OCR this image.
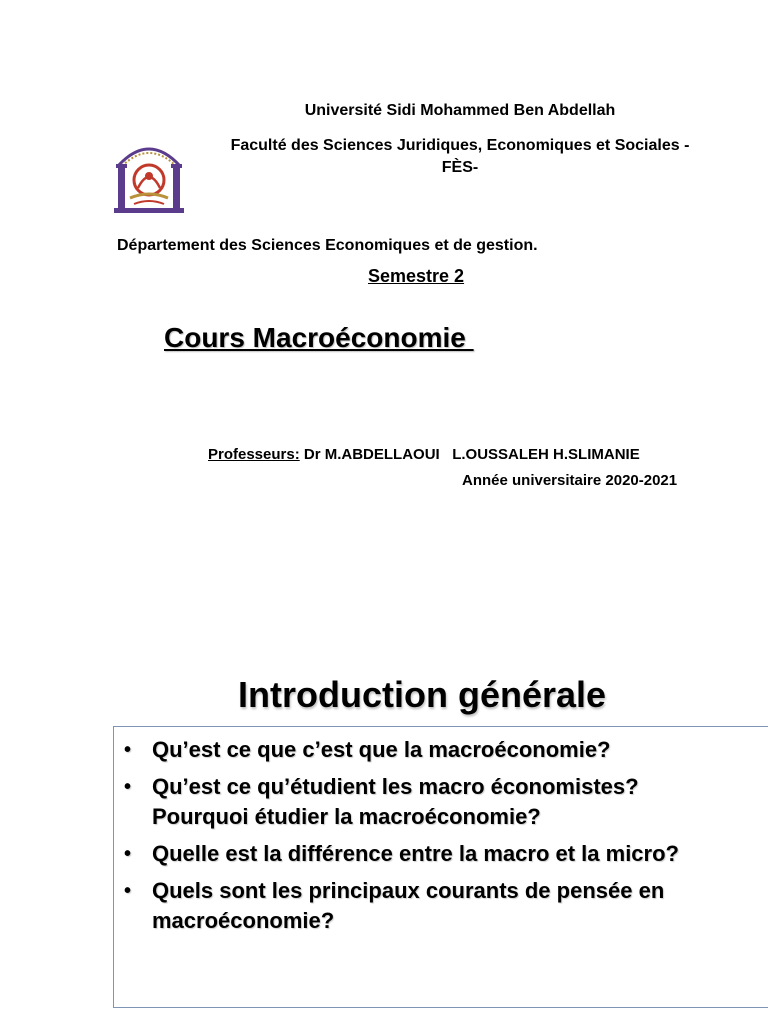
Université Sidi Mohammed Ben Abdellah
Faculté des Sciences Juridiques, Economiques et Sociales -
FÈS-
Département des Sciences Economiques et de gestion.
Semestre 2
Cours Macroéconomie
Professeurs: Dr M.ABDELLAOUI   L.OUSSALEH H.SLIMANIE
Année universitaire 2020-2021
Introduction générale
• Qu’est ce que c’est que la macroéconomie?
• Qu’est ce qu’étudient les macro économistes?
Pourquoi étudier la macroéconomie?
• Quelle est la différence entre la macro et la micro?
• Quels sont les principaux courants de pensée en
macroéconomie?
